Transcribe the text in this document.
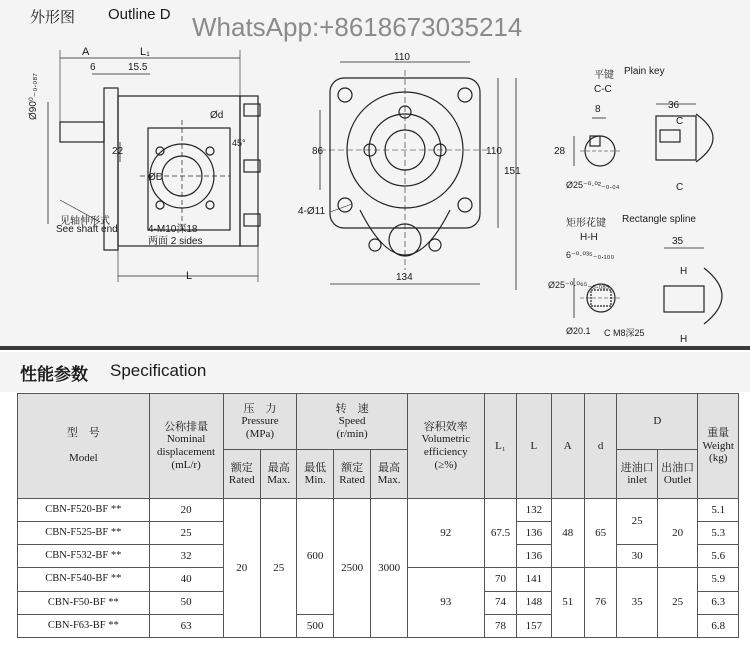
外形图 Outline D WhatsApp:+8618673035214
A	L₁
6	15.5
Ø90⁰₋₀.₀₈₇
22
Ød
ØD
45°
4-M10深18
两面 2 sides
见轴伸形式
See shaft end
L
110
86	110
151
4-Ø11
134
平键 Plain key
C-C
8	36
28
Ø25⁻⁰·⁰²₋₀.₀₄
C
C
矩形花键 Rectangle spline
H-H
6⁻⁰·⁰³⁵₋₀.₁₀₀
35
Ø25⁻⁰·⁰⁶⁵₋₀.₀₈₅
Ø20.1 C M8深25
H
H
性能参数 Specification
型　号

Model	公称排量
Nominal
displacement
(mL/r)	压　力
Pressure
(MPa)		转　速
Speed
(r/min)			容积效率
Volumetric
efficiency
(≥%)	L₁	L	A	d	D		重量
Weight
(kg)
		额定
Rated	最高
Max.	最低
Min.	额定
Rated	最高
Max.						进油口
inlet	出油口
Outlet	
CBN-F520-BF **	20	20	25	600	2500	3000	92	67.5	132	48	65	25	20	5.1
CBN-F525-BF **	25								136					5.3
CBN-F532-BF **	32								136			30		5.6
CBN-F540-BF **	40						93	70	141	51	76	35	25	5.9
CBN-F50-BF **	50							74	148					6.3
CBN-F63-BF **	63			500				78	157					6.8
